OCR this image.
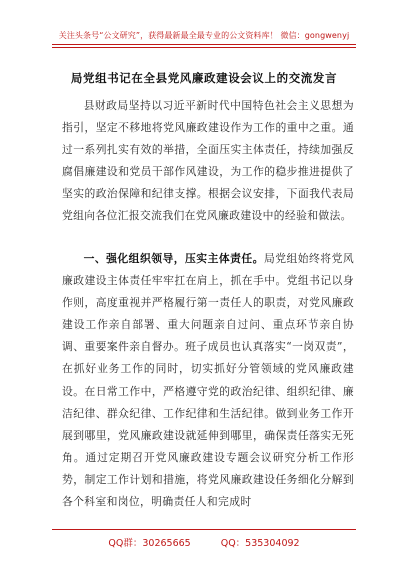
关注头条号“公文研究”，获得最新最全最专业的公文资料库！ 微信：gongwenyj
局党组书记在全县党风廉政建设会议上的交流发言

县财政局坚持以习近平新时代中国特色社会主义思想为指引，坚定不移地将党风廉政建设作为工作的重中之重。通过一系列扎实有效的举措，全面压实主体责任，持续加强反腐倡廉建设和党员干部作风建设，为工作的稳步推进提供了坚实的政治保障和纪律支撑。根据会议安排，下面我代表局党组向各位汇报交流我们在党风廉政建设中的经验和做法。

一、强化组织领导，压实主体责任。局党组始终将党风廉政建设主体责任牢牢扛在肩上，抓在手中。党组书记以身作则，高度重视并严格履行第一责任人的职责，对党风廉政建设工作亲自部署、重大问题亲自过问、重点环节亲自协调、重要案件亲自督办。班子成员也认真落实“一岗双责”，在抓好业务工作的同时，切实抓好分管领域的党风廉政建设。在日常工作中，严格遵守党的政治纪律、组织纪律、廉洁纪律、群众纪律、工作纪律和生活纪律。做到业务工作开展到哪里，党风廉政建设就延伸到哪里，确保责任落实无死角。通过定期召开党风廉政建设专题会议研究分析工作形势，制定工作计划和措施，将党风廉政建设任务细化分解到各个科室和岗位，明确责任人和完成时

QQ群：30265665	QQ：535304092
